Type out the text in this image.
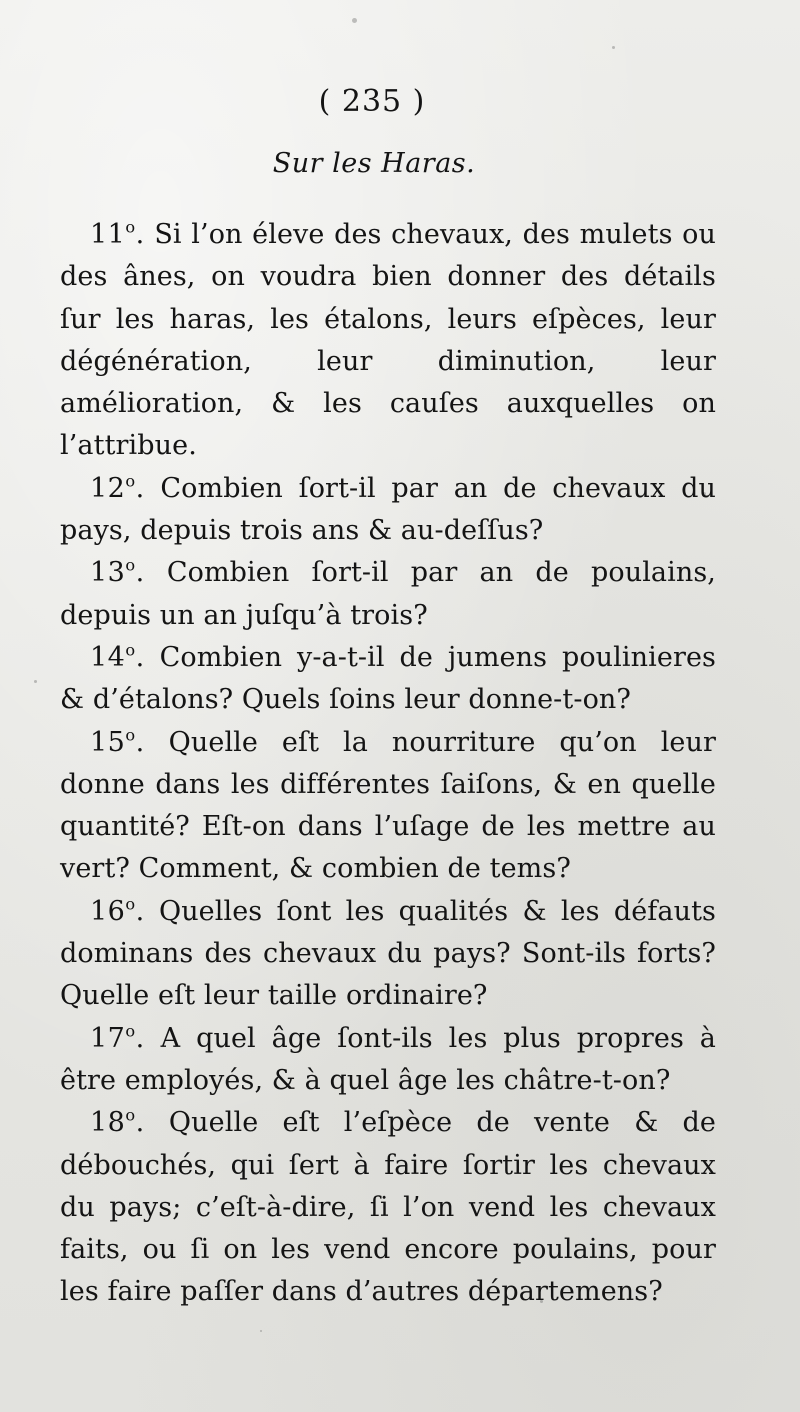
( 235 )
Sur les Haras.

11$^o$. Si l’on éleve des chevaux, des mulets ou des ânes, on voudra bien donner des détails ſur les haras, les étalons, leurs eſpèces, leur dégénération, leur diminution, leur amélioration, & les cauſes auxquelles on l’attribue.

12$^o$. Combien ſort-il par an de chevaux du pays, depuis trois ans & au-deſſus?

13$^o$. Combien ſort-il par an de poulains, depuis un an juſqu’à trois?

14$^o$. Combien y-a-t-il de jumens poulinieres & d’étalons? Quels ſoins leur donne-t-on?

15$^o$. Quelle eſt la nourriture qu’on leur donne dans les différentes ſaiſons, & en quelle quantité? Eſt-on dans l’uſage de les mettre au vert? Comment, & combien de tems?

16$^o$. Quelles ſont les qualités & les défauts dominans des chevaux du pays? Sont-ils forts? Quelle eſt leur taille ordinaire?

17$^o$. A quel âge ſont-ils les plus propres à être employés, & à quel âge les châtre-t-on?

18$^o$. Quelle eſt l’eſpèce de vente & de débouchés, qui ſert à faire ſortir les chevaux du pays; c’eſt-à-dire, ſi l’on vend les chevaux faits, ou ſi on les vend encore poulains, pour les faire paſſer dans d’autres départemens?
